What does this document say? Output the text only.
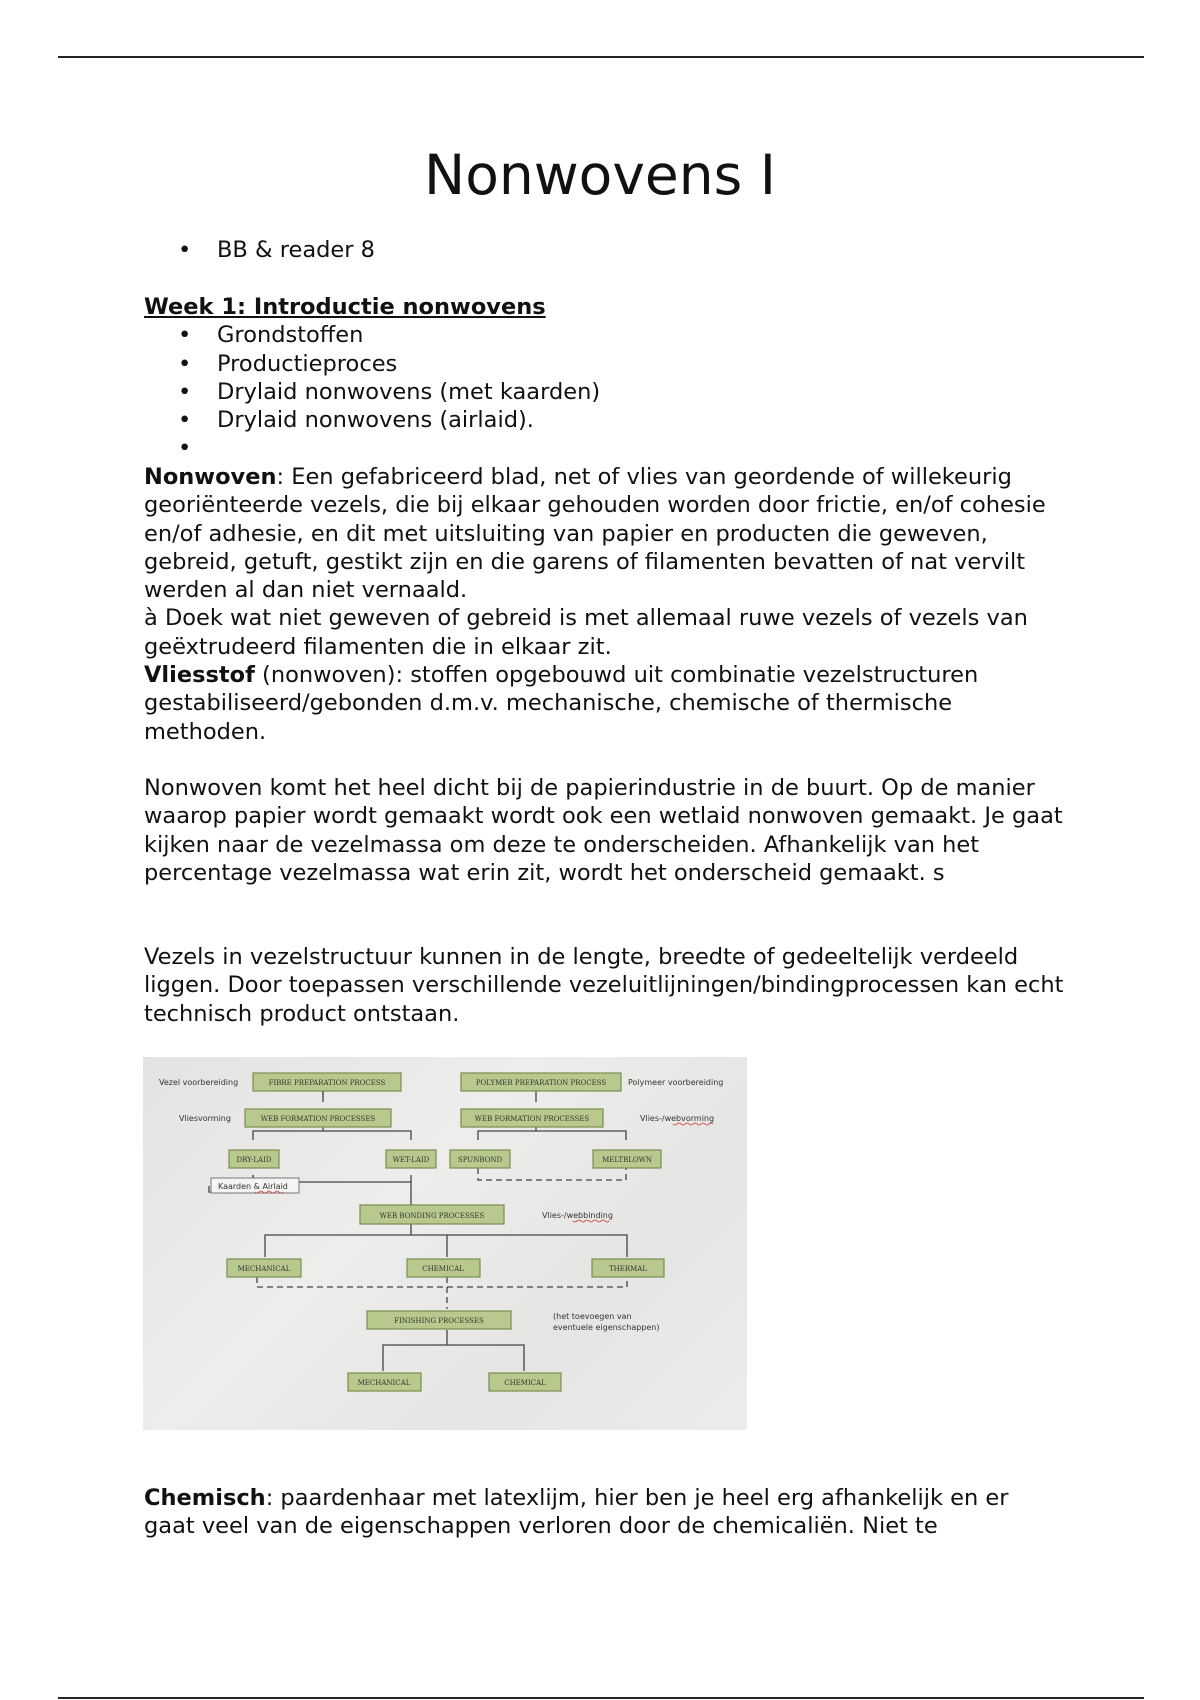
Nonwovens I
• BB & reader 8

Week 1: Introductie nonwovens

• Grondstoffen
• Productieproces
• Drylaid nonwovens (met kaarden)
• Drylaid nonwovens (airlaid).
•

Nonwoven: Een gefabriceerd blad, net of vlies van geordende of willekeurig georiënteerde vezels, die bij elkaar gehouden worden door frictie, en/of cohesie en/of adhesie, en dit met uitsluiting van papier en producten die geweven, gebreid, getuft, gestikt zijn en die garens of filamenten bevatten of nat vervilt werden al dan niet vernaald.

à Doek wat niet geweven of gebreid is met allemaal ruwe vezels of vezels van geëxtrudeerd filamenten die in elkaar zit.

Vliesstof (nonwoven): stoffen opgebouwd uit combinatie vezelstructuren gestabiliseerd/gebonden d.m.v. mechanische, chemische of thermische methoden.

Nonwoven komt het heel dicht bij de papierindustrie in de buurt. Op de manier waarop papier wordt gemaakt wordt ook een wetlaid nonwoven gemaakt. Je gaat kijken naar de vezelmassa om deze te onderscheiden. Afhankelijk van het percentage vezelmassa wat erin zit, wordt het onderscheid gemaakt. s

Vezels in vezelstructuur kunnen in de lengte, breedte of gedeeltelijk verdeeld liggen. Door toepassen verschillende vezeluitlijningen/bindingprocessen kan echt technisch product ontstaan.

FIBRE PREPARATION PROCESS	POLYMER PREPARATION PROCESS
WEB FORMATION PROCESSES	WEB FORMATION PROCESSES
DRY-LAID	WET-LAID	SPUNBOND	MELTBLOWN
WEB BONDING PROCESSES
MECHANICAL	CHEMICAL	THERMAL
FINISHING PROCESSES
MECHANICAL	CHEMICAL
Vezel voorbereiding	Polymeer voorbereiding
Vliesvorming	Vlies-/webvorming
Kaarden & Airlaid
Vlies-/webbinding
(het toevoegen van
eventuele eigenschappen)

Chemisch: paardenhaar met latexlijm, hier ben je heel erg afhankelijk en er gaat veel van de eigenschappen verloren door de chemicaliën. Niet te
